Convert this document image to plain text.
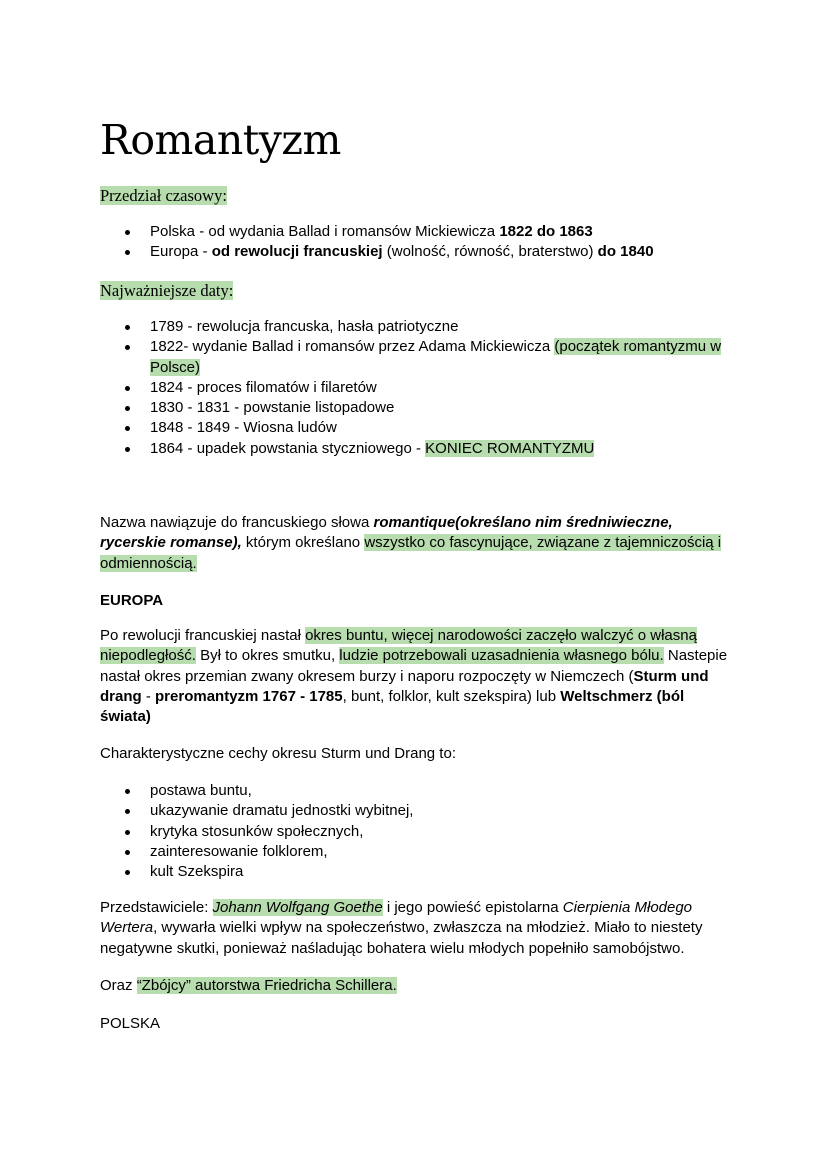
Romantyzm
Przedział czasowy:
Polska - od wydania Ballad i romansów Mickiewicza 1822 do 1863
Europa - od rewolucji francuskiej (wolność, równość, braterstwo) do 1840
Najważniejsze daty:
1789 - rewolucja francuska, hasła patriotyczne
1822- wydanie Ballad i romansów przez Adama Mickiewicza (początek romantyzmu w Polsce)
1824 - proces filomatów i filaretów
1830 - 1831 - powstanie listopadowe
1848 - 1849 - Wiosna ludów
1864 - upadek powstania styczniowego - KONIEC ROMANTYZMU

Nazwa nawiązuje do francuskiego słowa romantique(określano nim średniwieczne, rycerskie romanse), którym określano wszystko co fascynujące, związane z tajemniczością i odmiennością.

EUROPA

Po rewolucji francuskiej nastał okres buntu, więcej narodowości zaczęło walczyć o własną niepodległość. Był to okres smutku, ludzie potrzebowali uzasadnienia własnego bólu. Nastepie nastał okres przemian zwany okresem burzy i naporu rozpoczęty w Niemczech (Sturm und drang - preromantyzm 1767 - 1785, bunt, folklor, kult szekspira) lub Weltschmerz (ból świata)

Charakterystyczne cechy okresu Sturm und Drang to:

postawa buntu,
ukazywanie dramatu jednostki wybitnej,
krytyka stosunków społecznych,
zainteresowanie folklorem,
kult Szekspira

Przedstawiciele: Johann Wolfgang Goethe i jego powieść epistolarna Cierpienia Młodego Wertera, wywarła wielki wpływ na społeczeństwo, zwłaszcza na młodzież. Miało to niestety negatywne skutki, ponieważ naśladując bohatera wielu młodych popełniło samobójstwo.

Oraz “Zbójcy” autorstwa Friedricha Schillera.

POLSKA
